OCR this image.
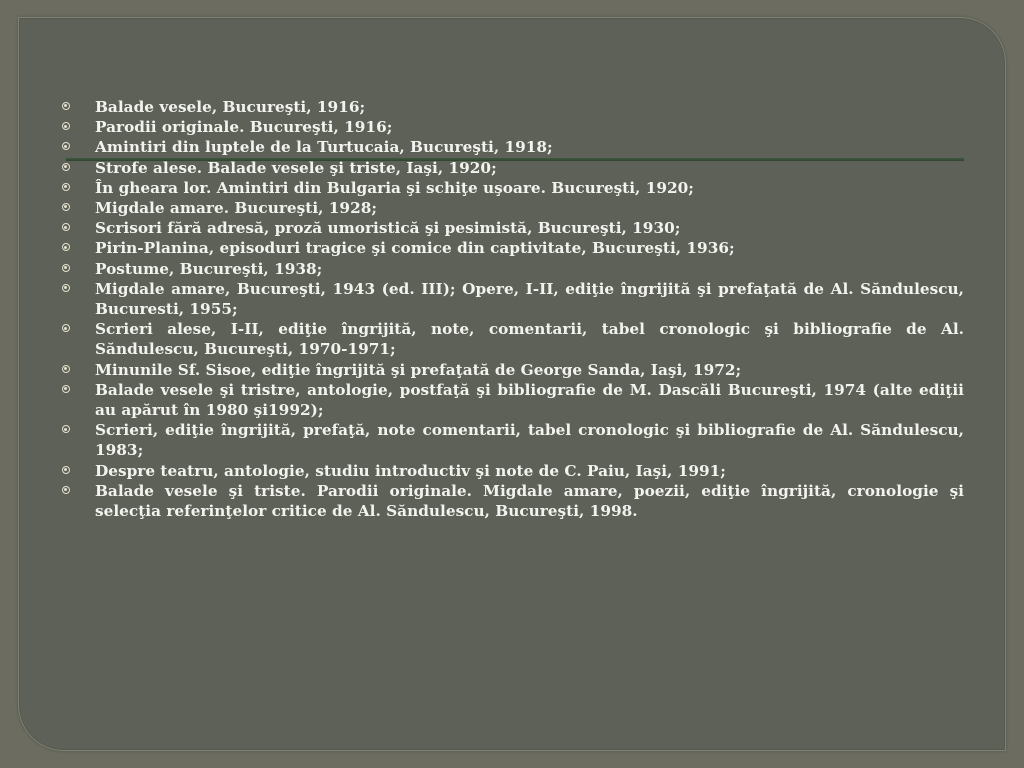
Balade vesele, Bucureşti, 1916;
Parodii originale. Bucureşti, 1916;
Amintiri din luptele de la Turtucaia, Bucureşti, 1918;
Strofe alese. Balade vesele şi triste, Iaşi, 1920;
În gheara lor. Amintiri din Bulgaria şi schiţe uşoare. Bucureşti, 1920;
Migdale amare. Bucureşti, 1928;
Scrisori fără adresă, proză umoristică şi pesimistă, Bucureşti, 1930;
Pirin-Planina, episoduri tragice şi comice din captivitate, Bucureşti, 1936;
Postume, Bucureşti, 1938;
Migdale amare, Bucureşti, 1943 (ed. III); Opere, I-II, ediţie îngrijită şi prefaţată de Al. Săndulescu, Bucuresti, 1955;
Scrieri alese, I-II, ediţie îngrijită, note, comentarii, tabel cronologic şi bibliografie de Al. Săndulescu, Bucureşti, 1970-1971;
Minunile Sf. Sisoe, ediţie îngrijită şi prefaţată de George Sanda, Iaşi, 1972;
Balade vesele şi tristre, antologie, postfaţă şi bibliografie de M. Dascăli Bucureşti, 1974 (alte ediţii au apărut în 1980 şi1992);
Scrieri, ediţie îngrijită, prefaţă, note comentarii, tabel cronologic şi bibliografie de Al. Săndulescu, 1983;
Despre teatru, antologie, studiu introductiv şi note de C. Paiu, Iaşi, 1991;
Balade vesele şi triste. Parodii originale. Migdale amare, poezii, ediţie îngrijită, cronologie şi selecţia referinţelor critice de Al. Săndulescu, Bucureşti, 1998.
